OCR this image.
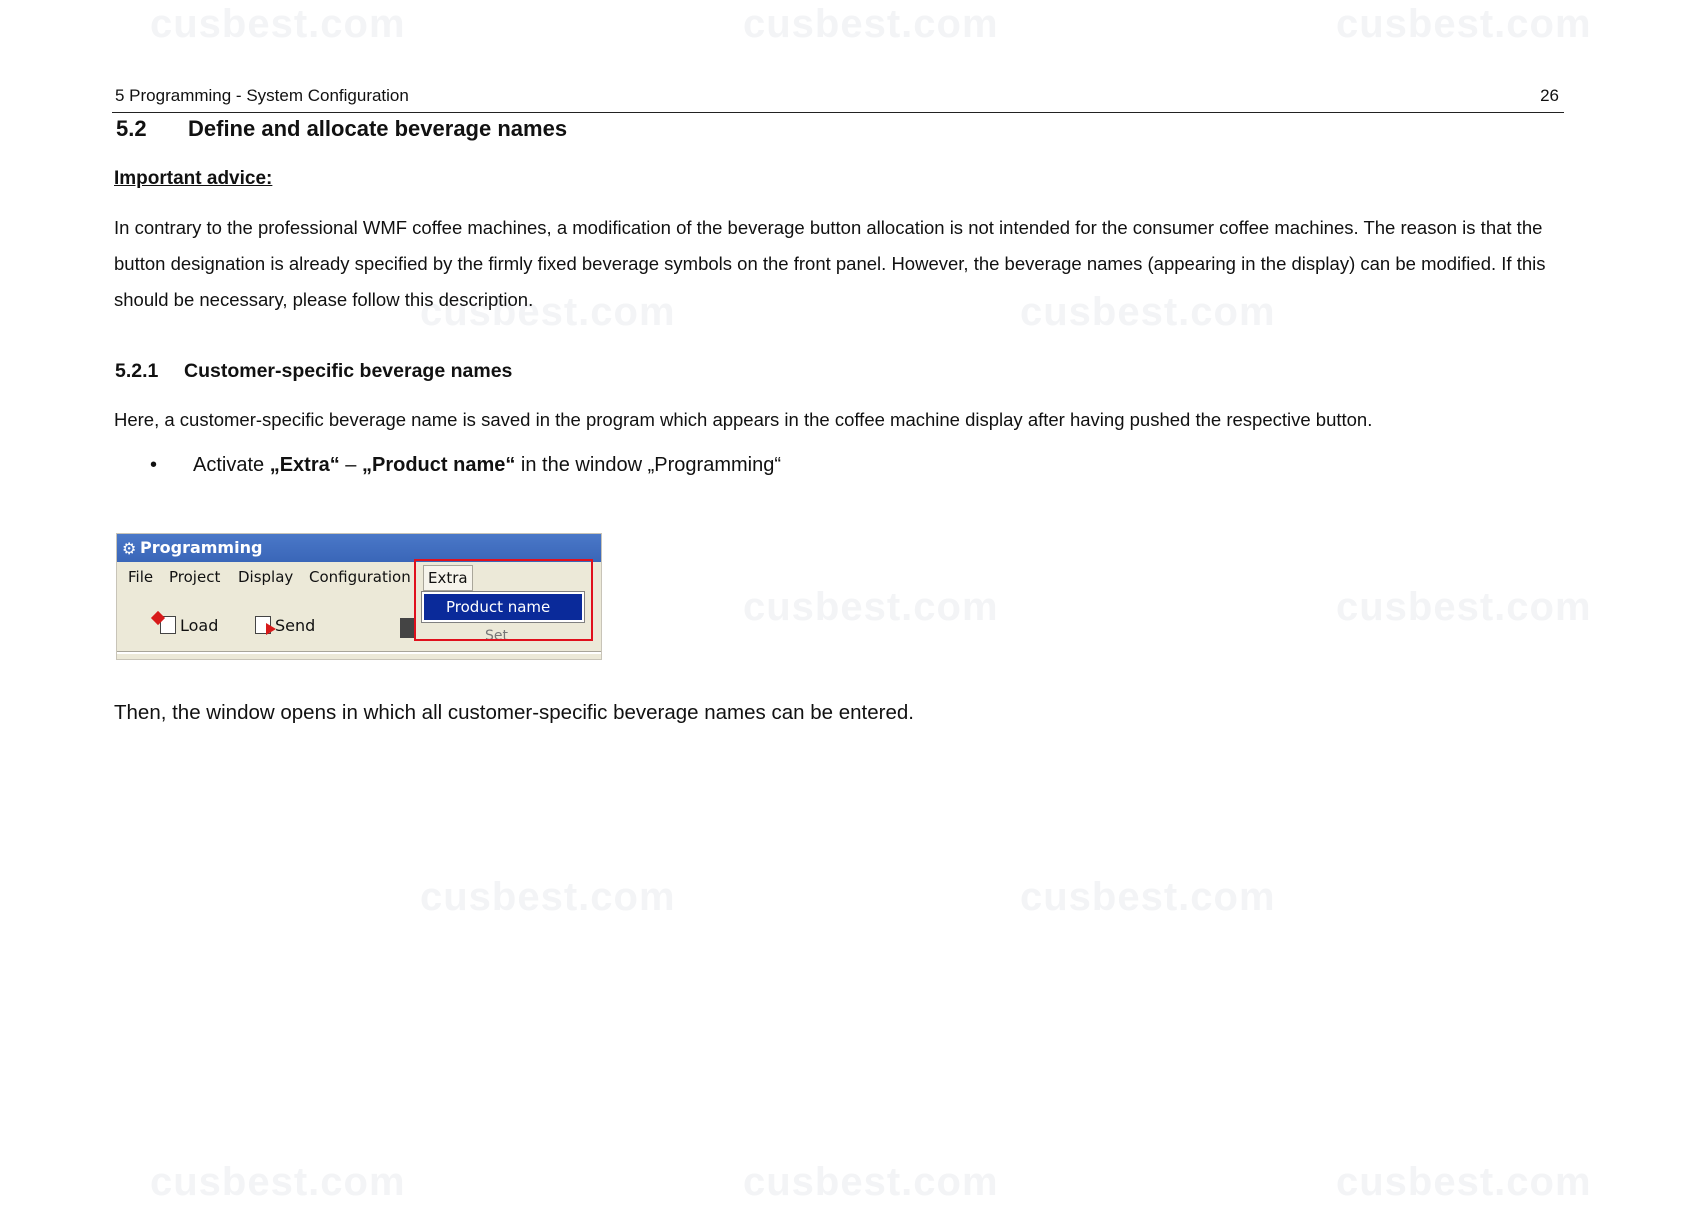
cusbest.com	cusbest.com	cusbest.com
cusbest.com	cusbest.com
cusbest.com	cusbest.com
cusbest.com	cusbest.com
cusbest.com	cusbest.com	cusbest.com
5 Programming - System Configuration	26
5.2 Define and allocate beverage names
Important advice:
In contrary to the professional WMF coffee machines, a modification of the beverage button allocation is not intended for the consumer coffee machines. The reason is that the button designation is already specified by the firmly fixed beverage symbols on the front panel. However, the beverage names (appearing in the display) can be modified. If this should be necessary, please follow this description.
5.2.1 Customer-specific beverage names
Here, a customer-specific beverage name is saved in the program which appears in the coffee machine display after having pushed the respective button.
• Activate „Extra“ – „Product name“ in the window „Programming“
⚙ Programming
File Project Display Configuration	Extra
Load	Send
Set
Product name
Then, the window opens in which all customer-specific beverage names can be entered.
